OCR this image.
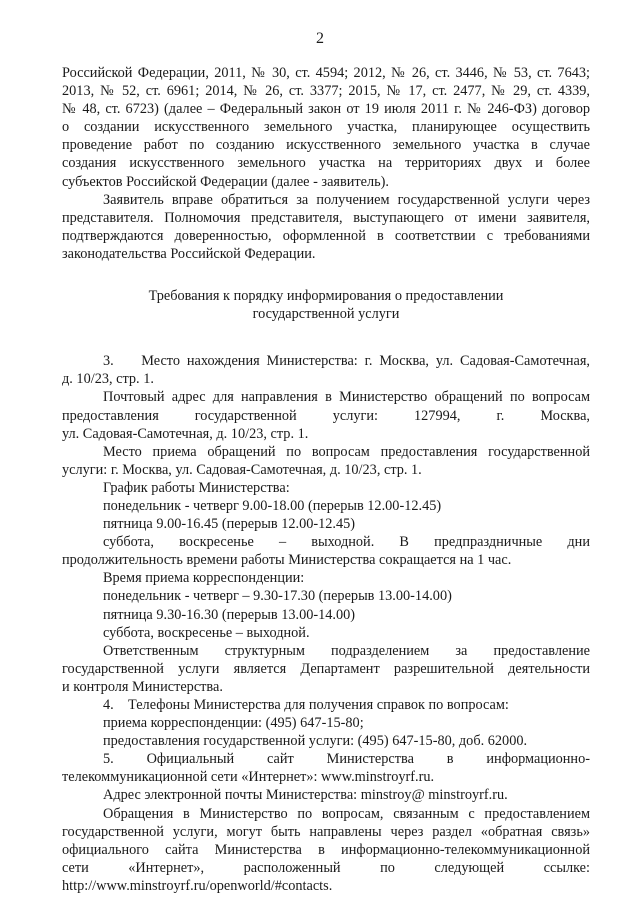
2

Российской Федерации, 2011, № 30, ст. 4594; 2012, № 26, ст. 3446, № 53, ст. 7643;

2013, № 52, ст. 6961; 2014, № 26, ст. 3377; 2015, № 17, ст. 2477, № 29, ст. 4339,

№ 48, ст. 6723) (далее – Федеральный закон от 19 июля 2011 г. № 246-ФЗ) договор

о создании искусственного земельного участка, планирующее осуществить

проведение работ по созданию искусственного земельного участка в случае

создания искусственного земельного участка на территориях двух и более

субъектов Российской Федерации (далее - заявитель).

Заявитель вправе обратиться за получением государственной услуги через

представителя. Полномочия представителя, выступающего от имени заявителя,

подтверждаются доверенностью, оформленной в соответствии с требованиями

законодательства Российской Федерации.

Требования к порядку информирования о предоставлении

государственной услуги

3.    Место нахождения Министерства: г. Москва, ул. Садовая-Самотечная,

д. 10/23, стр. 1.

Почтовый адрес для направления в Министерство обращений по вопросам

предоставления государственной услуги: 127994, г. Москва,

ул. Садовая-Самотечная, д. 10/23, стр. 1.

Место приема обращений по вопросам предоставления государственной

услуги: г. Москва, ул. Садовая-Самотечная, д. 10/23, стр. 1.

График работы Министерства:

понедельник - четверг 9.00-18.00 (перерыв 12.00-12.45)

пятница 9.00-16.45 (перерыв 12.00-12.45)

суббота, воскресенье – выходной. В предпраздничные дни

продолжительность времени работы Министерства сокращается на 1 час.

Время приема корреспонденции:

понедельник - четверг – 9.30-17.30 (перерыв 13.00-14.00)

пятница 9.30-16.30 (перерыв 13.00-14.00)

суббота, воскресенье – выходной.

Ответственным структурным подразделением за предоставление

государственной услуги является Департамент разрешительной деятельности

и контроля Министерства.

4.    Телефоны Министерства для получения справок по вопросам:

приема корреспонденции: (495) 647-15-80;

предоставления государственной услуги: (495) 647-15-80, доб. 62000.

5. Официальный сайт Министерства в информационно-

телекоммуникационной сети «Интернет»: www.minstroyrf.ru.

Адрес электронной почты Министерства: minstroy@ minstroyrf.ru.

Обращения в Министерство по вопросам, связанным с предоставлением

государственной услуги, могут быть направлены через раздел «обратная связь»

официального сайта Министерства в информационно-телекоммуникационной

сети «Интернет», расположенный по следующей ссылке:

http://www.minstroyrf.ru/openworld/#contacts.
